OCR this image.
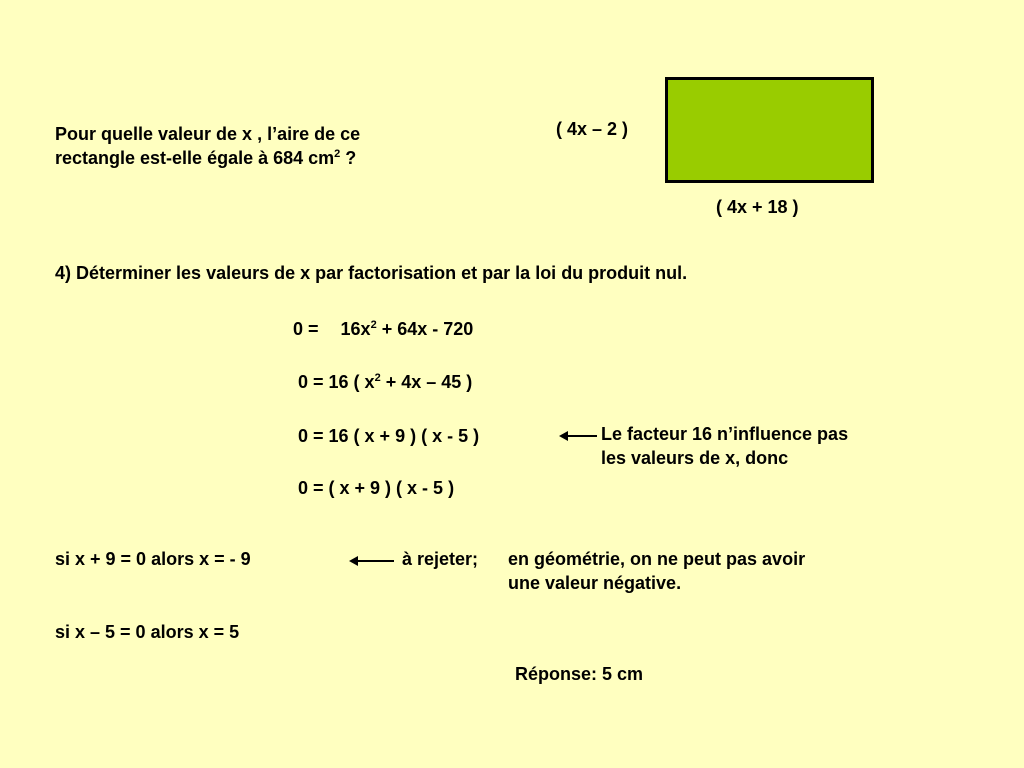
Pour quelle valeur de x , l’aire de ce
rectangle est-elle égale à 684 $cm^2$ ?
( 4x – 2 )
( 4x + 18 )
4) Déterminer les valeurs de x par factorisation et par la loi du produit nul.
$0 = 16x^2 + 64x - 720$
0 = 16 ( $x^2 + 4x - 45$ )
0 = 16 ( x + 9 ) ( x - 5 )	Le facteur 16 n’influence pas
les valeurs de x, donc
0 = ( x + 9 ) ( x - 5 )
si x + 9 = 0 alors x = - 9	à rejeter; en géométrie, on ne peut pas avoir
une valeur négative.
si x – 5 = 0 alors x = 5
Réponse: 5 cm
